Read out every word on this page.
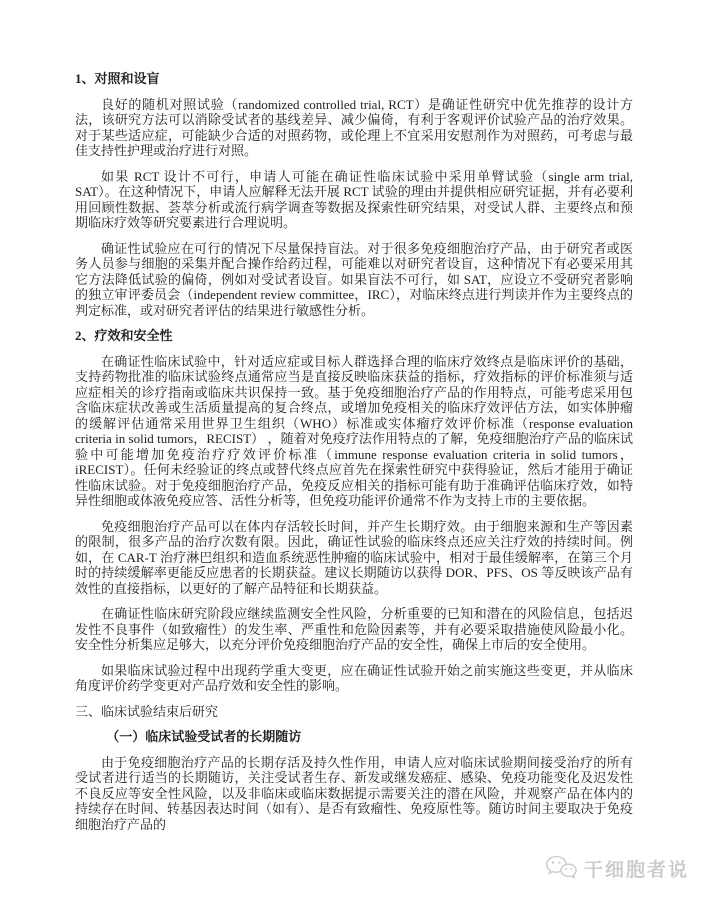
1、对照和设盲

良好的随机对照试验（randomized controlled trial, RCT）是确证性研究中优先推荐的设计方法，该研究方法可以消除受试者的基线差异、减少偏倚，有利于客观评价试验产品的治疗效果。对于某些适应症，可能缺少合适的对照药物，或伦理上不宜采用安慰剂作为对照药，可考虑与最佳支持性护理或治疗进行对照。

如果 RCT 设计不可行，申请人可能在确证性临床试验中采用单臂试验（single arm trial, SAT）。在这种情况下，申请人应解释无法开展 RCT 试验的理由并提供相应研究证据，并有必要利用回顾性数据、荟萃分析或流行病学调查等数据及探索性研究结果，对受试人群、主要终点和预期临床疗效等研究要素进行合理说明。

确证性试验应在可行的情况下尽量保持盲法。对于很多免疫细胞治疗产品，由于研究者或医务人员参与细胞的采集并配合操作给药过程，可能难以对研究者设盲，这种情况下有必要采用其它方法降低试验的偏倚，例如对受试者设盲。如果盲法不可行，如 SAT，应设立不受研究者影响的独立审评委员会（independent review committee，IRC），对临床终点进行判读并作为主要终点的判定标准，或对研究者评估的结果进行敏感性分析。

2、疗效和安全性

在确证性临床试验中，针对适应症或目标人群选择合理的临床疗效终点是临床评价的基础，支持药物批准的临床试验终点通常应当是直接反映临床获益的指标，疗效指标的评价标准须与适应症相关的诊疗指南或临床共识保持一致。基于免疫细胞治疗产品的作用特点，可能考虑采用包含临床症状改善或生活质量提高的复合终点，或增加免疫相关的临床疗效评估方法，如实体肿瘤的缓解评估通常采用世界卫生组织（WHO）标准或实体瘤疗效评价标准（response evaluation criteria in solid tumors，RECIST） ，随着对免疫疗法作用特点的了解，免疫细胞治疗产品的临床试验中可能增加免疫治疗疗效评价标准（immune response evaluation criteria in solid tumors，iRECIST）。任何未经验证的终点或替代终点应首先在探索性研究中获得验证，然后才能用于确证性临床试验。对于免疫细胞治疗产品，免疫反应相关的指标可能有助于准确评估临床疗效，如特异性细胞或体液免疫应答、活性分析等，但免疫功能评价通常不作为支持上市的主要依据。

免疫细胞治疗产品可以在体内存活较长时间，并产生长期疗效。由于细胞来源和生产等因素的限制，很多产品的治疗次数有限。因此，确证性试验的临床终点还应关注疗效的持续时间。例如，在 CAR-T 治疗淋巴组织和造血系统恶性肿瘤的临床试验中，相对于最佳缓解率，在第三个月时的持续缓解率更能反应患者的长期获益。建议长期随访以获得 DOR、PFS、OS 等反映该产品有效性的直接指标，以更好的了解产品特征和长期获益。

在确证性临床研究阶段应继续监测安全性风险，分析重要的已知和潜在的风险信息，包括迟发性不良事件（如致瘤性）的发生率、严重性和危险因素等，并有必要采取措施使风险最小化。安全性分析集应足够大，以充分评价免疫细胞治疗产品的安全性，确保上市后的安全使用。

如果临床试验过程中出现药学重大变更，应在确证性试验开始之前实施这些变更，并从临床角度评价药学变更对产品疗效和安全性的影响。

三、临床试验结束后研究
（一）临床试验受试者的长期随访

由于免疫细胞治疗产品的长期存活及持久性作用，申请人应对临床试验期间接受治疗的所有受试者进行适当的长期随访，关注受试者生存、新发或继发癌症、感染、免疫功能变化及迟发性不良反应等安全性风险，以及非临床或临床数据提示需要关注的潜在风险，并观察产品在体内的持续存在时间、转基因表达时间（如有）、是否有致瘤性、免疫原性等。随访时间主要取决于免疫细胞治疗产品的

干细胞者说
